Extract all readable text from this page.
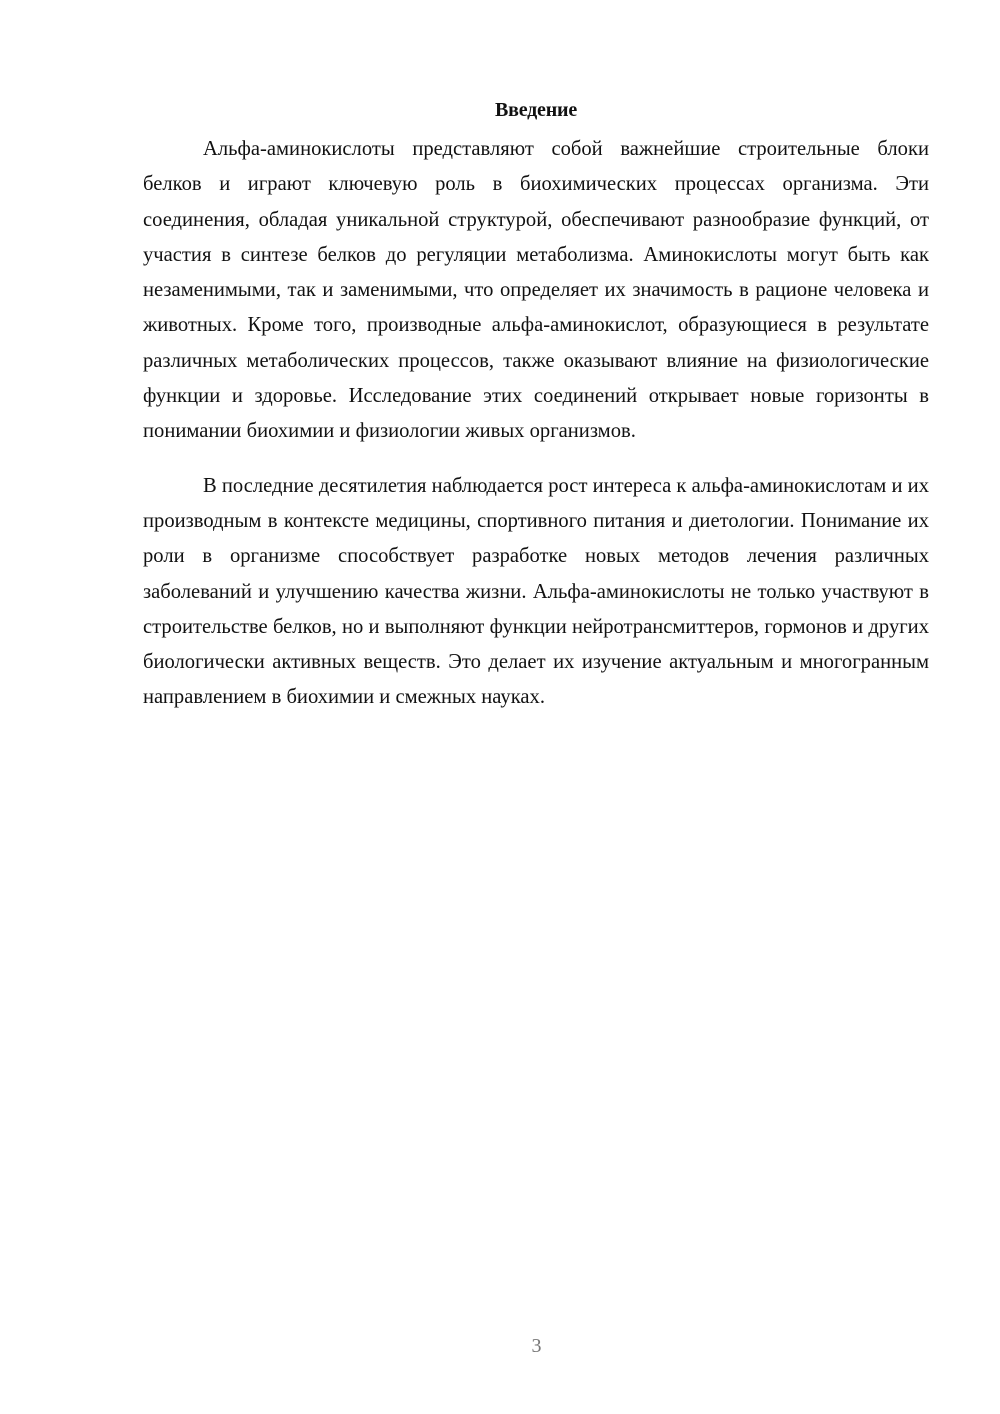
Введение

Альфа-аминокислоты представляют собой важнейшие строительные блоки белков и играют ключевую роль в биохимических процессах организма. Эти соединения, обладая уникальной структурой, обеспечивают разнообразие функций, от участия в синтезе белков до регуляции метаболизма. Аминокислоты могут быть как незаменимыми, так и заменимыми, что определяет их значимость в рационе человека и животных. Кроме того, производные альфа-аминокислот, образующиеся в результате различных метаболических процессов, также оказывают влияние на физиологические функции и здоровье. Исследование этих соединений открывает новые горизонты в понимании биохимии и физиологии живых организмов.

В последние десятилетия наблюдается рост интереса к альфа-аминокислотам и их производным в контексте медицины, спортивного питания и диетологии. Понимание их роли в организме способствует разработке новых методов лечения различных заболеваний и улучшению качества жизни. Альфа-аминокислоты не только участвуют в строительстве белков, но и выполняют функции нейротрансмиттеров, гормонов и других биологически активных веществ. Это делает их изучение актуальным и многогранным направлением в биохимии и смежных науках.

3
